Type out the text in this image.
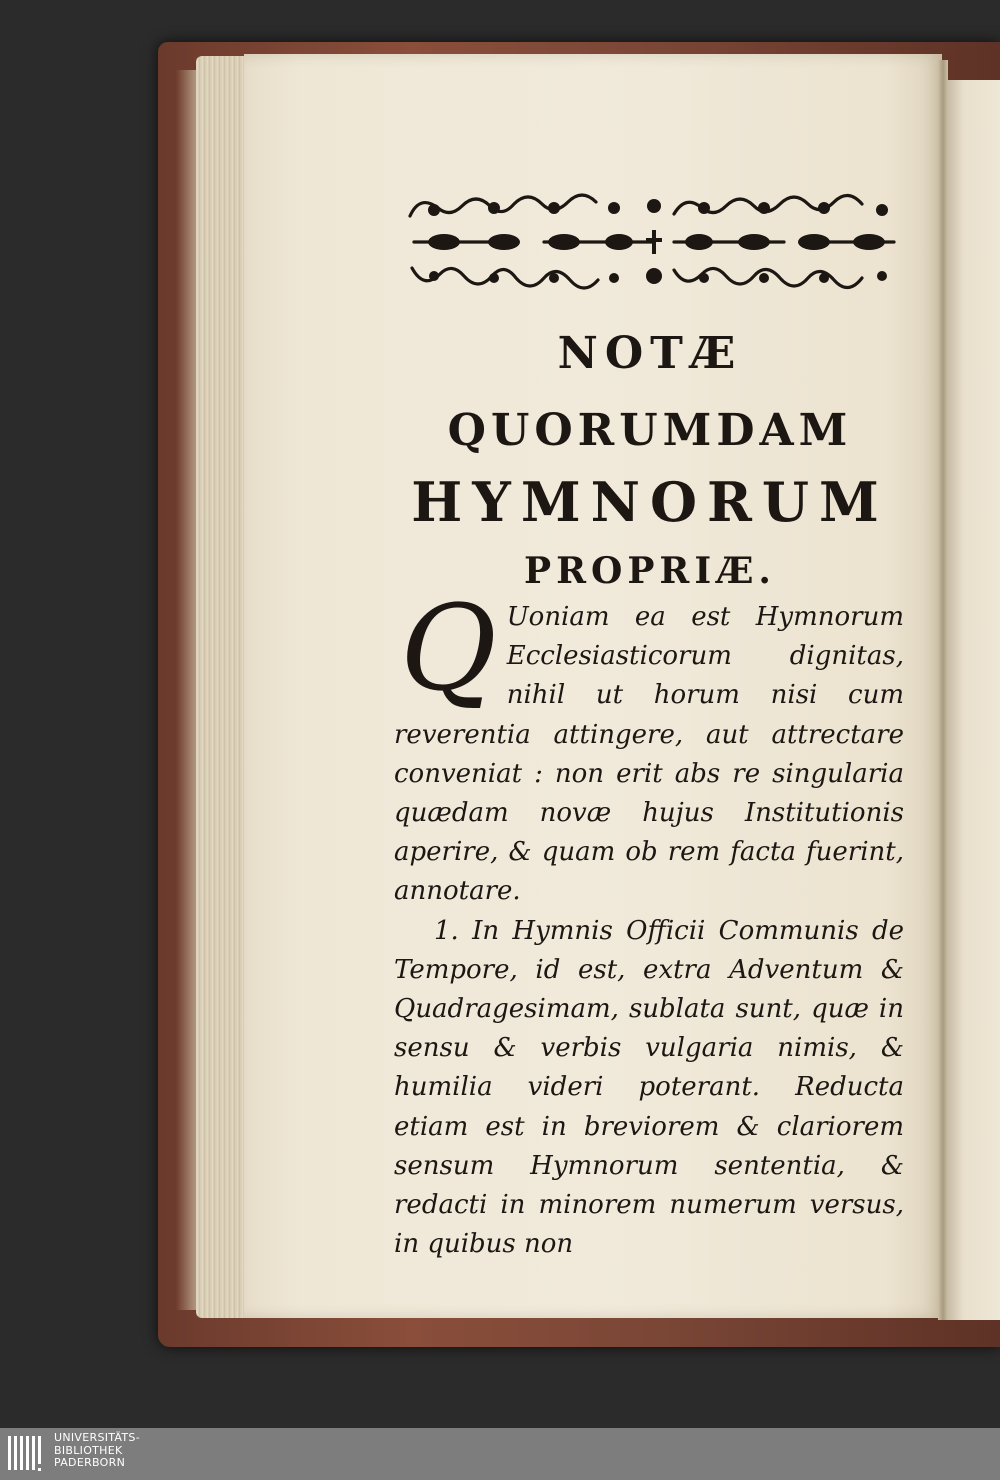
NOTÆ
QUORUMDAM
HYMNORUM
PROPRIÆ.
Q Uoniam ea est Hymnorum Ecclesiasticorum dignitas, nihil ut horum nisi cum reverentia attingere, aut attrectare conveniat : non erit abs re singularia quædam novæ hujus Institutionis aperire, & quam ob rem facta fuerint, annotare.

1. In Hymnis Officii Communis de Tempore, id est, extra Adventum & Quadragesimam, sublata sunt, quæ in sensu & verbis vulgaria nimis, & humilia videri poterant. Reducta etiam est in breviorem & clariorem sensum Hymnorum sententia, & redacti in minorem numerum versus, in quibus non

UNIVERSITÄTS-
BIBLIOTHEK
PADERBORN
